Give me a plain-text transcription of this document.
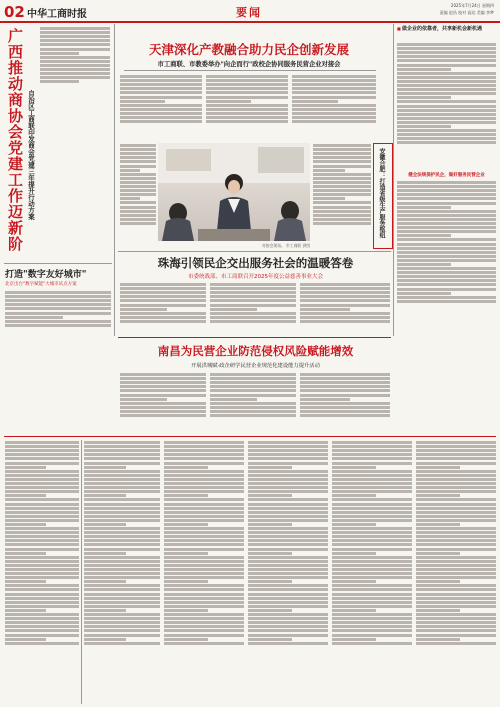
02 中华工商时报	要闻
2025年7月24日 星期四
责编 赵昌 校对 高达 美编 李梦
广西推动商协会党建工作迈新阶 自治区工商联印发商会党建三年提升行动方案
打造"数字友好城市"
北京出台"数字赋能"大城市试点方案
天津深化产教融合助力民企创新发展
市工商联、市教委举办"向企而行"政校企协同服务民营企业对接会
对接会现场。 市工商联 供图
安徽合肥：打造省级生产服务枢纽
珠海引领民企交出服务社会的温暖答卷
市委统战部、市工商联召开2025年度公益慈善事业大会
■ 做企业的依靠者，共享新机会新机遇
健全法规保护民企，做好服务民营企业
南昌为民营企业防范侵权风险赋能增效
开展洪城赋·政企研学民营企业规范化建设能力提升活动
